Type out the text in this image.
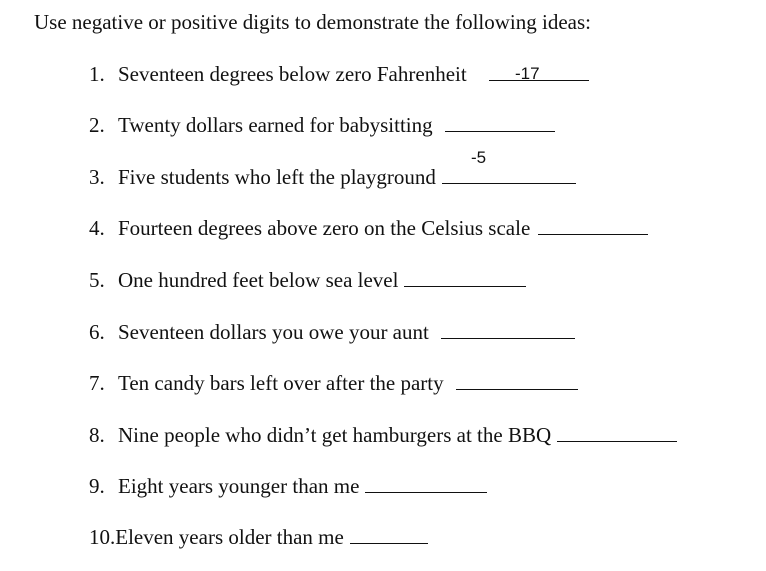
Use negative or positive digits to demonstrate the following ideas:
1. Seventeen degrees below zero Fahrenheit	-17
2. Twenty dollars earned for babysitting
-5
3. Five students who left the playground
4. Fourteen degrees above zero on the Celsius scale
5. One hundred feet below sea level
6. Seventeen dollars you owe your aunt
7. Ten candy bars left over after the party
8. Nine people who didn’t get hamburgers at the BBQ
9. Eight years younger than me
10.Eleven years older than me
